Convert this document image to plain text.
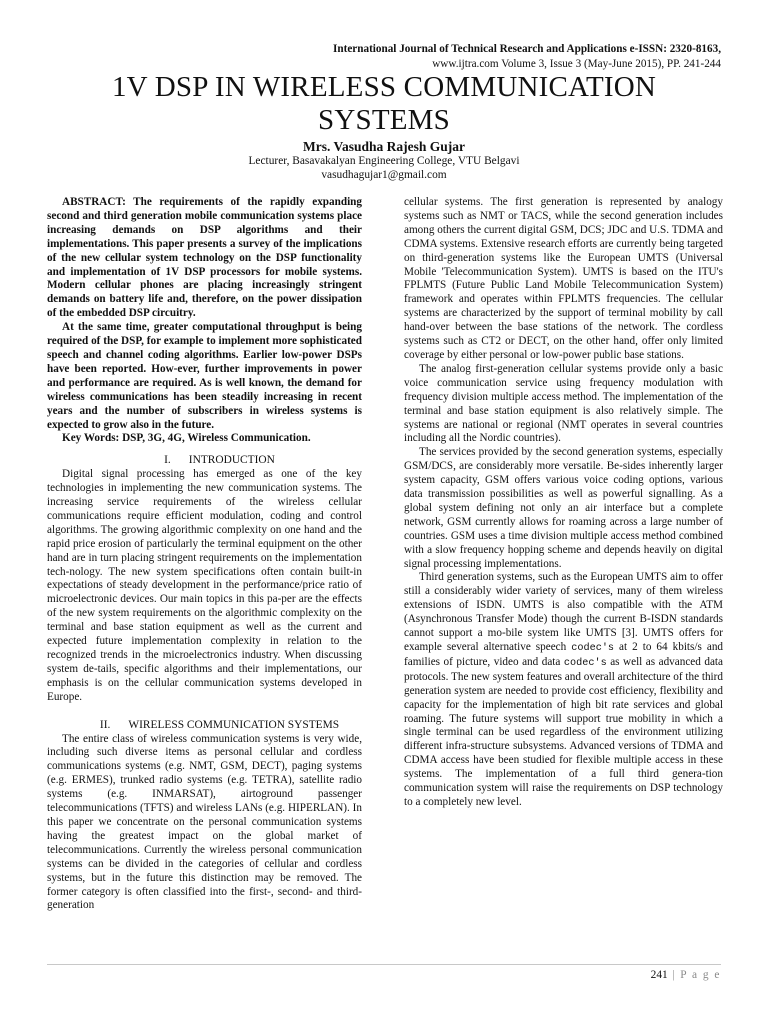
International Journal of Technical Research and Applications e-ISSN: 2320-8163,
www.ijtra.com Volume 3, Issue 3 (May-June 2015), PP. 241-244
1V DSP IN WIRELESS COMMUNICATION SYSTEMS
Mrs. Vasudha Rajesh Gujar
Lecturer, Basavakalyan Engineering College, VTU Belgavi
vasudhagujar1@gmail.com

ABSTRACT: The requirements of the rapidly expanding second and third generation mobile communication systems place increasing demands on DSP algorithms and their implementations. This paper presents a survey of the implications of the new cellular system technology on the DSP functionality and implementation of 1V DSP processors for mobile systems. Modern cellular phones are placing increasingly stringent demands on battery life and, therefore, on the power dissipation of the embedded DSP circuitry.

At the same time, greater computational throughput is being required of the DSP, for example to implement more sophisticated speech and channel coding algorithms. Earlier low-power DSPs have been reported. How-ever, further improvements in power and performance are required. As is well known, the demand for wireless communications has been steadily increasing in recent years and the number of subscribers in wireless systems is expected to grow also in the future.

Key Words: DSP, 3G, 4G, Wireless Communication.

I. INTRODUCTION

Digital signal processing has emerged as one of the key technologies in implementing the new communication systems. The increasing service requirements of the wireless cellular communications require efficient modulation, coding and control algorithms. The growing algorithmic complexity on one hand and the rapid price erosion of particularly the terminal equipment on the other hand are in turn placing stringent requirements on the implementation tech-nology. The new system specifications often contain built-in expectations of steady development in the performance/price ratio of microelectronic devices. Our main topics in this pa-per are the effects of the new system requirements on the algorithmic complexity on the terminal and base station equipment as well as the current and expected future implementation complexity in relation to the recognized trends in the microelectronics industry. When discussing system de-tails, specific algorithms and their implementations, our emphasis is on the cellular communication systems developed in Europe.

II. WIRELESS COMMUNICATION SYSTEMS

The entire class of wireless communication systems is very wide, including such diverse items as personal cellular and cordless communications systems (e.g. NMT, GSM, DECT), paging systems (e.g. ERMES), trunked radio systems (e.g. TETRA), satellite radio systems (e.g. INMARSAT), airtoground passenger telecommunications (TFTS) and wireless LANs (e.g. HIPERLAN). In this paper we concentrate on the personal communication systems having the greatest impact on the global market of telecommunications. Currently the wireless personal communication systems can be divided in the categories of cellular and cordless systems, but in the future this distinction may be removed. The former category is often classified into the first-, second- and third- generation

cellular systems. The first generation is represented by analogy systems such as NMT or TACS, while the second generation includes among others the current digital GSM, DCS; JDC and U.S. TDMA and CDMA systems. Extensive research efforts are currently being targeted on third-generation systems like the European UMTS (Universal Mobile 'Telecommunication System). UMTS is based on the ITU's FPLMTS (Future Public Land Mobile Telecommunication System) framework and operates within FPLMTS frequencies. The cellular systems are characterized by the support of terminal mobility by call hand-over between the base stations of the network. The cordless systems such as CT2 or DECT, on the other hand, offer only limited coverage by either personal or low-power public base stations.

The analog first-generation cellular systems provide only a basic voice communication service using frequency modulation with frequency division multiple access method. The implementation of the terminal and base station equipment is also relatively simple. The systems are national or regional (NMT operates in several countries including all the Nordic countries).

The services provided by the second generation systems, especially GSM/DCS, are considerably more versatile. Be-sides inherently larger system capacity, GSM offers various voice coding options, various data transmission possibilities as well as powerful signalling. As a global system defining not only an air interface but a complete network, GSM currently allows for roaming across a large number of countries. GSM uses a time division multiple access method combined with a slow frequency hopping scheme and depends heavily on digital signal processing implementations.

Third generation systems, such as the European UMTS aim to offer still a considerably wider variety of services, many of them wireless extensions of ISDN. UMTS is also compatible with the ATM (Asynchronous Transfer Mode) though the current B-ISDN standards cannot support a mo-bile system like UMTS [3]. UMTS offers for example several alternative speech codec's at 2 to 64 kbits/s and families of picture, video and data codec's as well as advanced data protocols. The new system features and overall architecture of the third generation system are needed to provide cost efficiency, flexibility and capacity for the implementation of high bit rate services and global roaming. The future systems will support true mobility in which a single terminal can be used regardless of the environment utilizing different infra-structure subsystems. Advanced versions of TDMA and CDMA access have been studied for flexible multiple access in these systems. The implementation of a full third genera-tion communication system will raise the requirements on DSP technology to a completely new level.

241 | P a g e
